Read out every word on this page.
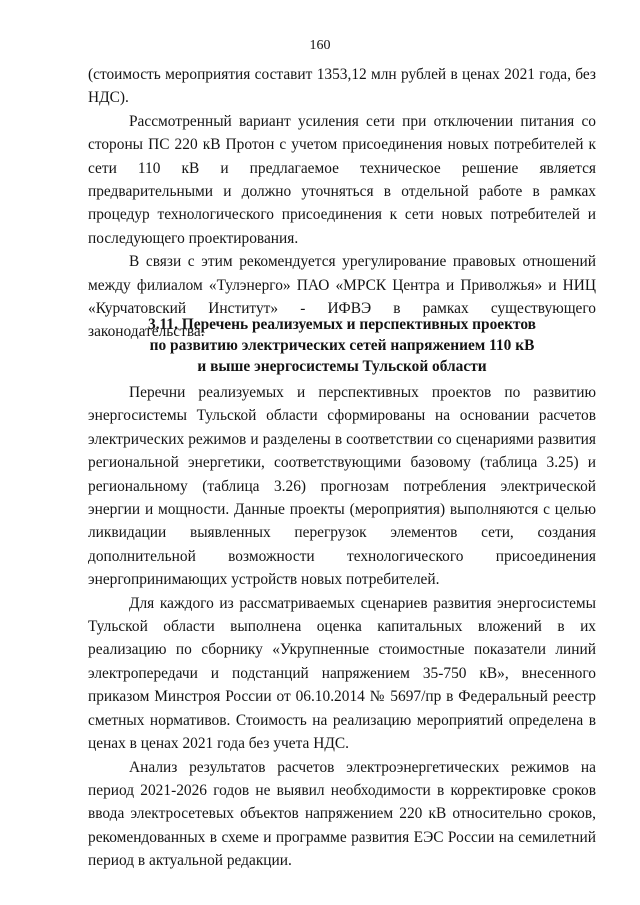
160

(стоимость мероприятия составит 1353,12 млн рублей в ценах 2021 года, без НДС).

Рассмотренный вариант усиления сети при отключении питания со стороны ПС 220 кВ Протон с учетом присоединения новых потребителей к сети 110 кВ и предлагаемое техническое решение является предварительными и должно уточняться в отдельной работе в рамках процедур технологического присоединения к сети новых потребителей и последующего проектирования.

В связи с этим рекомендуется урегулирование правовых отношений между филиалом «Тулэнерго» ПАО «МРСК Центра и Приволжья» и НИЦ «Курчатовский Институт» - ИФВЭ в рамках существующего законодательства.

3.11. Перечень реализуемых и перспективных проектов
по развитию электрических сетей напряжением 110 кВ
и выше энергосистемы Тульской области

Перечни реализуемых и перспективных проектов по развитию энергосистемы Тульской области сформированы на основании расчетов электрических режимов и разделены в соответствии со сценариями развития региональной энергетики, соответствующими базовому (таблица 3.25) и региональному (таблица 3.26) прогнозам потребления электрической энергии и мощности. Данные проекты (мероприятия) выполняются с целью ликвидации выявленных перегрузок элементов сети, создания дополнительной возможности технологического присоединения энергопринимающих устройств новых потребителей.

Для каждого из рассматриваемых сценариев развития энергосистемы Тульской области выполнена оценка капитальных вложений в их реализацию по сборнику «Укрупненные стоимостные показатели линий электропередачи и подстанций напряжением 35-750 кВ», внесенного приказом Минстроя России от 06.10.2014 № 5697/пр в Федеральный реестр сметных нормативов. Стоимость на реализацию мероприятий определена в ценах в ценах 2021 года без учета НДС.

Анализ результатов расчетов электроэнергетических режимов на период 2021-2026 годов не выявил необходимости в корректировке сроков ввода электросетевых объектов напряжением 220 кВ относительно сроков, рекомендованных в схеме и программе развития ЕЭС России на семилетний период в актуальной редакции.
